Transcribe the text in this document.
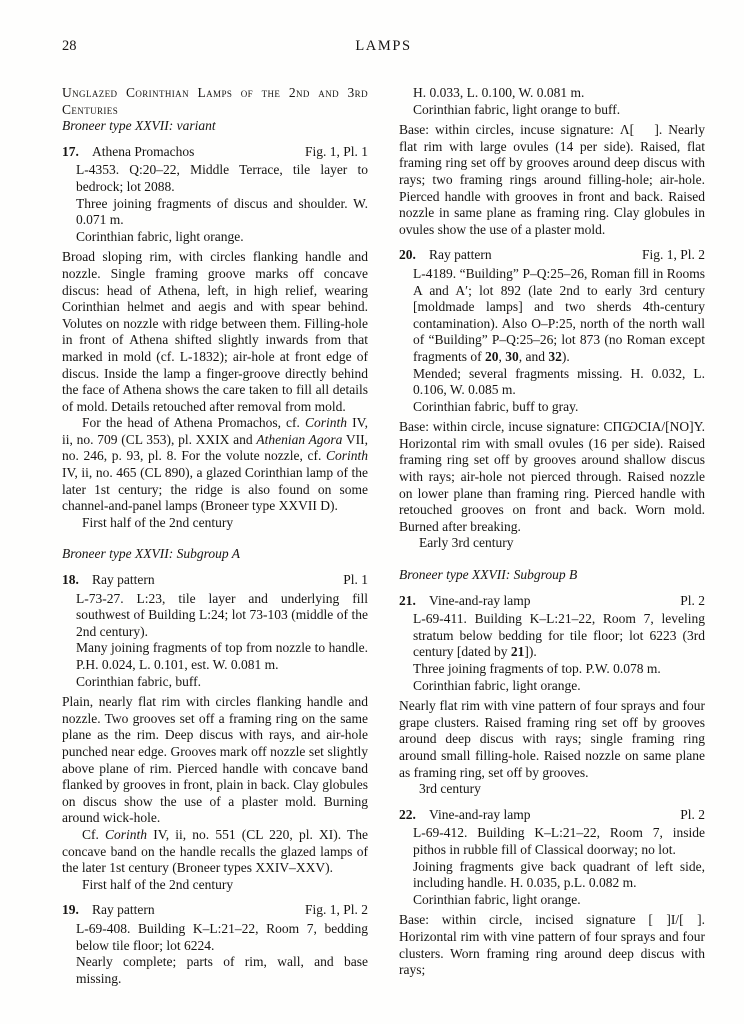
28	LAMPS

Unglazed Corinthian Lamps of the 2nd and 3rd Centuries

Broneer type XXVII: variant

17. Athena Promachos	Fig. 1, Pl. 1

L-4353. Q:20–22, Middle Terrace, tile layer to bedrock; lot 2088.

Three joining fragments of discus and shoulder. W. 0.071 m.

Corinthian fabric, light orange.

Broad sloping rim, with circles flanking handle and nozzle. Single framing groove marks off concave discus: head of Athena, left, in high relief, wearing Corinthian helmet and aegis and with spear behind. Volutes on nozzle with ridge between them. Filling-hole in front of Athena shifted slightly inwards from that marked in mold (cf. L-1832); air-hole at front edge of discus. Inside the lamp a finger-groove directly behind the face of Athena shows the care taken to fill all details of mold. Details retouched after removal from mold.

For the head of Athena Promachos, cf. Corinth IV, ii, no. 709 (CL 353), pl. XXIX and Athenian Agora VII, no. 246, p. 93, pl. 8. For the volute nozzle, cf. Corinth IV, ii, no. 465 (CL 890), a glazed Corinthian lamp of the later 1st century; the ridge is also found on some channel-and-panel lamps (Broneer type XXVII D).

First half of the 2nd century

Broneer type XXVII: Subgroup A

18. Ray pattern	Pl. 1

L-73-27. L:23, tile layer and underlying fill southwest of Building L:24; lot 73-103 (middle of the 2nd century).

Many joining fragments of top from nozzle to handle. P.H. 0.024, L. 0.101, est. W. 0.081 m.

Corinthian fabric, buff.

Plain, nearly flat rim with circles flanking handle and nozzle. Two grooves set off a framing ring on the same plane as the rim. Deep discus with rays, and air-hole punched near edge. Grooves mark off nozzle set slightly above plane of rim. Pierced handle with concave band flanked by grooves in front, plain in back. Clay globules on discus show the use of a plaster mold. Burning around wick-hole.

Cf. Corinth IV, ii, no. 551 (CL 220, pl. XI). The concave band on the handle recalls the glazed lamps of the later 1st century (Broneer types XXIV–XXV).

First half of the 2nd century

19. Ray pattern	Fig. 1, Pl. 2

L-69-408. Building K–L:21–22, Room 7, bedding below tile floor; lot 6224.

Nearly complete; parts of rim, wall, and base missing.

H. 0.033, L. 0.100, W. 0.081 m.

Corinthian fabric, light orange to buff.

Base: within circles, incuse signature: Λ[  ]. Nearly flat rim with large ovules (14 per side). Raised, flat framing ring set off by grooves around deep discus with rays; two framing rings around filling-hole; air-hole. Pierced handle with grooves in front and back. Raised nozzle in same plane as framing ring. Clay globules in ovules show the use of a plaster mold.

20. Ray pattern	Fig. 1, Pl. 2

L-4189. “Building” P–Q:25–26, Roman fill in Rooms A and A′; lot 892 (late 2nd to early 3rd century [moldmade lamps] and two sherds 4th-century contamination). Also O–P:25, north of the north wall of “Building” P–Q:25–26; lot 873 (no Roman except fragments of 20, 30, and 32).

Mended; several fragments missing. H. 0.032, L. 0.106, W. 0.085 m.

Corinthian fabric, buff to gray.

Base: within circle, incuse signature: CΠѠCIA/[NO]Y. Horizontal rim with small ovules (16 per side). Raised framing ring set off by grooves around shallow discus with rays; air-hole not pierced through. Raised nozzle on lower plane than framing ring. Pierced handle with retouched grooves on front and back. Worn mold. Burned after breaking.

Early 3rd century

Broneer type XXVII: Subgroup B

21. Vine-and-ray lamp	Pl. 2

L-69-411. Building K–L:21–22, Room 7, leveling stratum below bedding for tile floor; lot 6223 (3rd century [dated by 21]).

Three joining fragments of top. P.W. 0.078 m.

Corinthian fabric, light orange.

Nearly flat rim with vine pattern of four sprays and four grape clusters. Raised framing ring set off by grooves around deep discus with rays; single framing ring around small filling-hole. Raised nozzle on same plane as framing ring, set off by grooves.

3rd century

22. Vine-and-ray lamp	Pl. 2

L-69-412. Building K–L:21–22, Room 7, inside pithos in rubble fill of Classical doorway; no lot.

Joining fragments give back quadrant of left side, including handle. H. 0.035, p.L. 0.082 m.

Corinthian fabric, light orange.

Base: within circle, incised signature [  ]I/[  ]. Horizontal rim with vine pattern of four sprays and four clusters. Worn framing ring around deep discus with rays;
